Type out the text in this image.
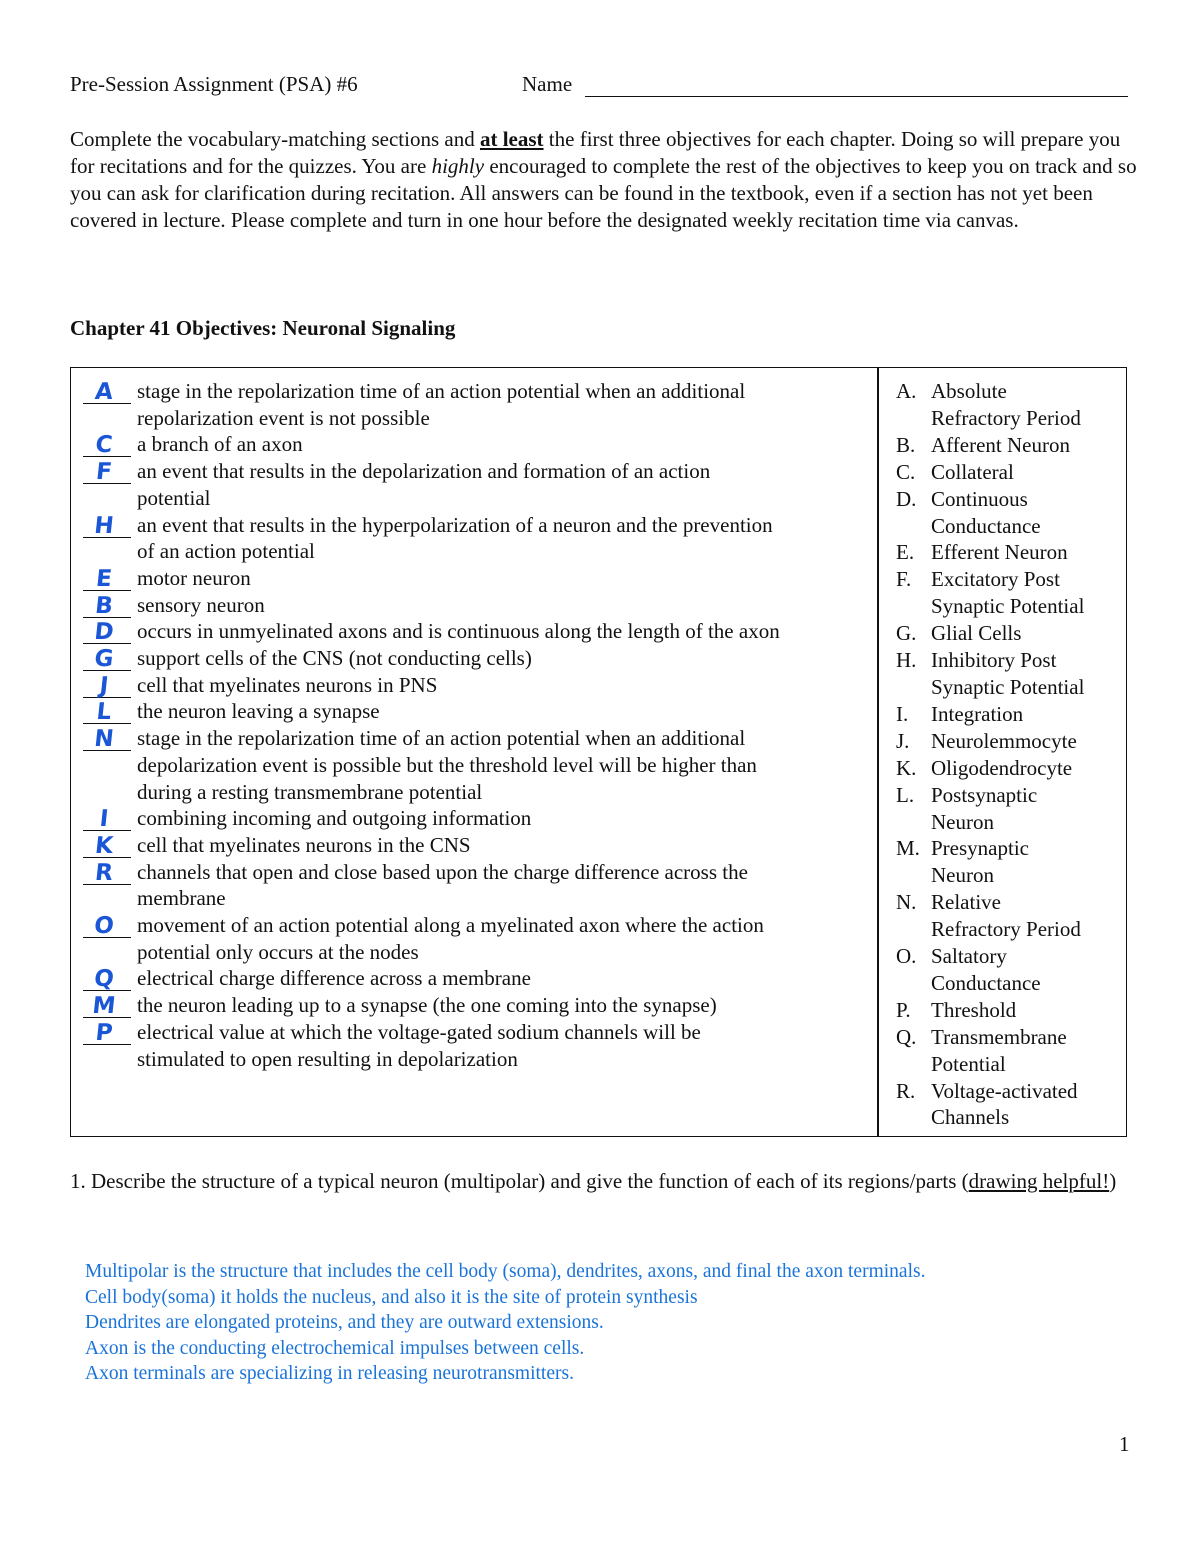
Pre-Session Assignment (PSA) #6	Name
Complete the vocabulary-matching sections and at least the first three objectives for each chapter. Doing so will prepare you for recitations and for the quizzes. You are highly encouraged to complete the rest of the objectives to keep you on track and so you can ask for clarification during recitation. All answers can be found in the textbook, even if a section has not yet been covered in lecture. Please complete and turn in one hour before the designated weekly recitation time via canvas.
Chapter 41 Objectives: Neuronal Signaling
A stage in the repolarization time of an action potential when an additional
repolarization event is not possible
C	a branch of an axon
F	an event that results in the depolarization and formation of an action
potential
H an event that results in the hyperpolarization of a neuron and the prevention
of an action potential
E	motor neuron
B sensory neuron
D occurs in unmyelinated axons and is continuous along the length of the axon
G support cells of the CNS (not conducting cells)
J	cell that myelinates neurons in PNS
L	the neuron leaving a synapse
N stage in the repolarization time of an action potential when an additional
depolarization event is possible but the threshold level will be higher than
during a resting transmembrane potential
I	combining incoming and outgoing information
K cell that myelinates neurons in the CNS
R channels that open and close based upon the charge difference across the
membrane
O movement of an action potential along a myelinated axon where the action
potential only occurs at the nodes
Q electrical charge difference across a membrane
M the neuron leading up to a synapse (the one coming into the synapse)
P	electrical value at which the voltage-gated sodium channels will be
stimulated to open resulting in depolarization
A. Absolute
Refractory Period
B. Afferent Neuron
C. Collateral
D. Continuous
Conductance
E. Efferent Neuron
F. Excitatory Post
Synaptic Potential
G. Glial Cells
H. Inhibitory Post
Synaptic Potential
I.	Integration
J.	Neurolemmocyte
K. Oligodendrocyte
L. Postsynaptic
Neuron
M. Presynaptic
Neuron
N. Relative
Refractory Period
O. Saltatory
Conductance
P. Threshold
Q. Transmembrane
Potential
R. Voltage-activated
Channels
1. Describe the structure of a typical neuron (multipolar) and give the function of each of its regions/parts (drawing helpful!)
Multipolar is the structure that includes the cell body (soma), dendrites, axons, and final the axon terminals.
Cell body(soma) it holds the nucleus, and also it is the site of protein synthesis
Dendrites are elongated proteins, and they are outward extensions.
Axon is the conducting electrochemical impulses between cells.
Axon terminals are specializing in releasing neurotransmitters.
1
